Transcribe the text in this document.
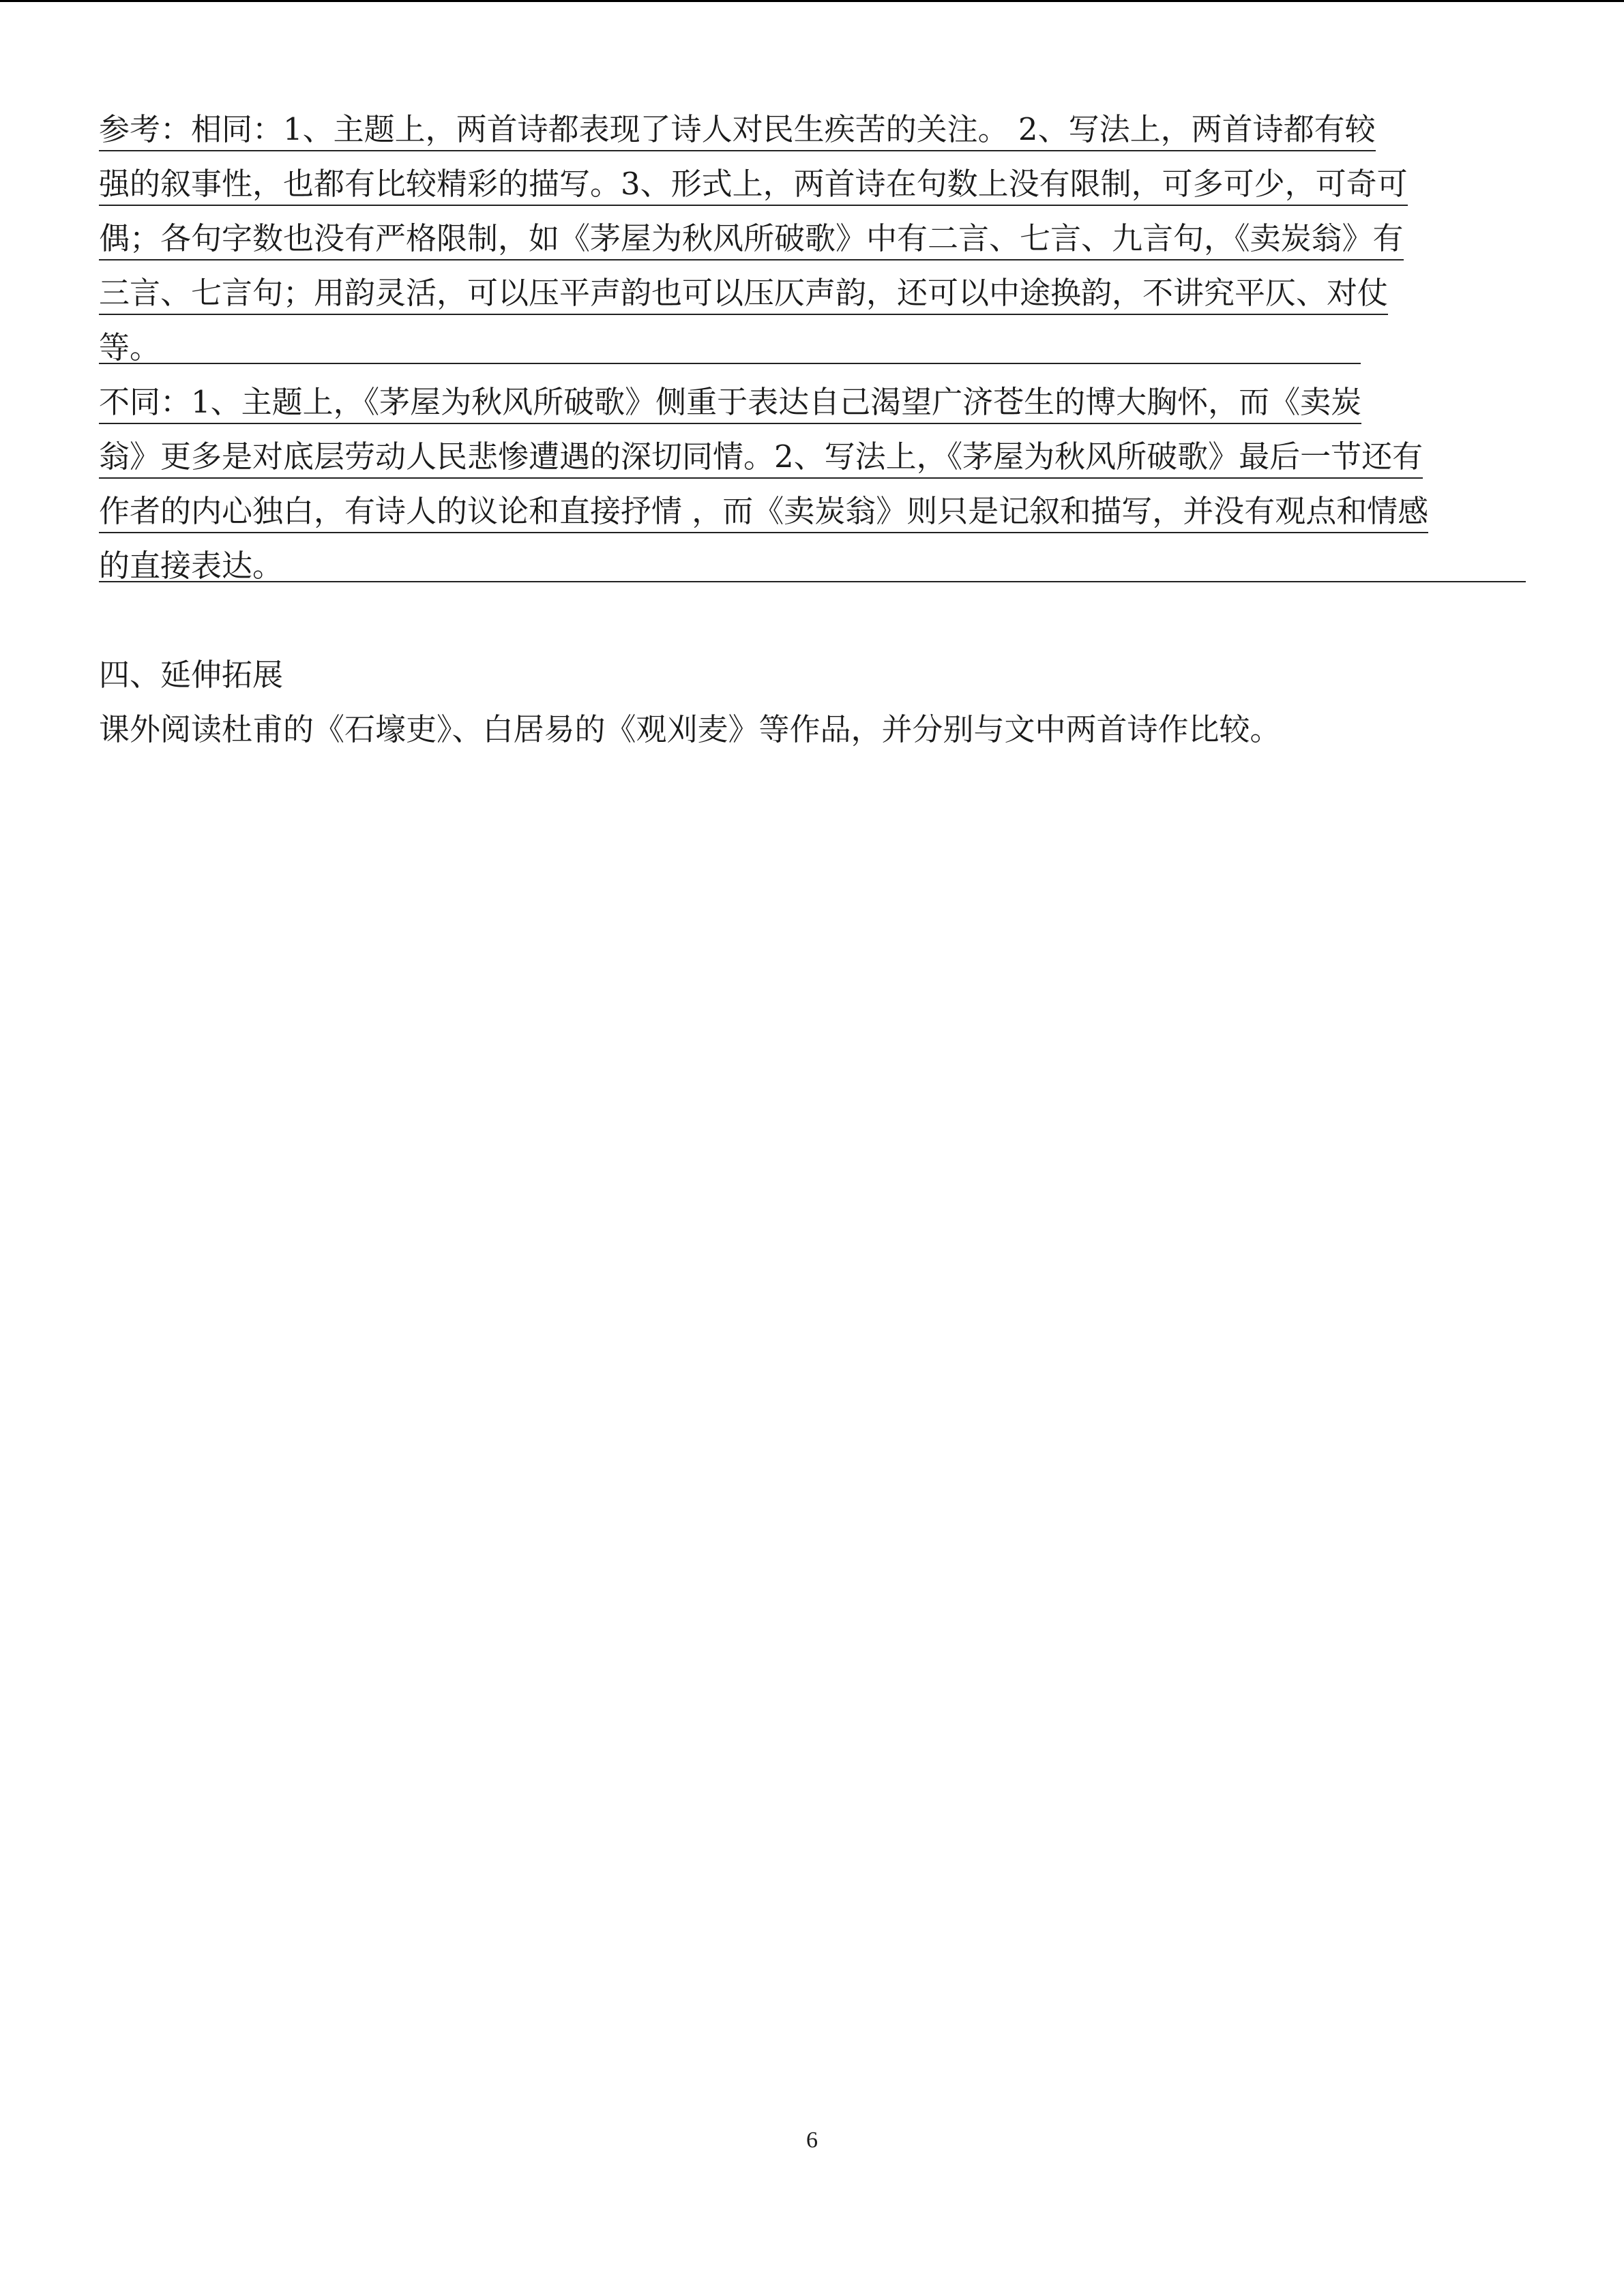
参考：相同：1、主题上，两首诗都表现了诗人对民生疾苦的关注。 2、写法上，两首诗都有较
强的叙事性，也都有比较精彩的描写。3、形式上，两首诗在句数上没有限制，可多可少，可奇可
偶；各句字数也没有严格限制，如《茅屋为秋风所破歌》中有二言、七言、九言句，《卖炭翁》有
三言、七言句；用韵灵活，可以压平声韵也可以压仄声韵，还可以中途换韵，不讲究平仄、对仗
等。
不同：1、主题上，《茅屋为秋风所破歌》侧重于表达自己渴望广济苍生的博大胸怀，而《卖炭
翁》更多是对底层劳动人民悲惨遭遇的深切同情。2、写法上，《茅屋为秋风所破歌》最后一节还有
作者的内心独白，有诗人的议论和直接抒情 ，而《卖炭翁》则只是记叙和描写，并没有观点和情感
的直接表达。
四、延伸拓展
课外阅读杜甫的《石壕吏》、白居易的《观刈麦》等作品，并分别与文中两首诗作比较。
6
